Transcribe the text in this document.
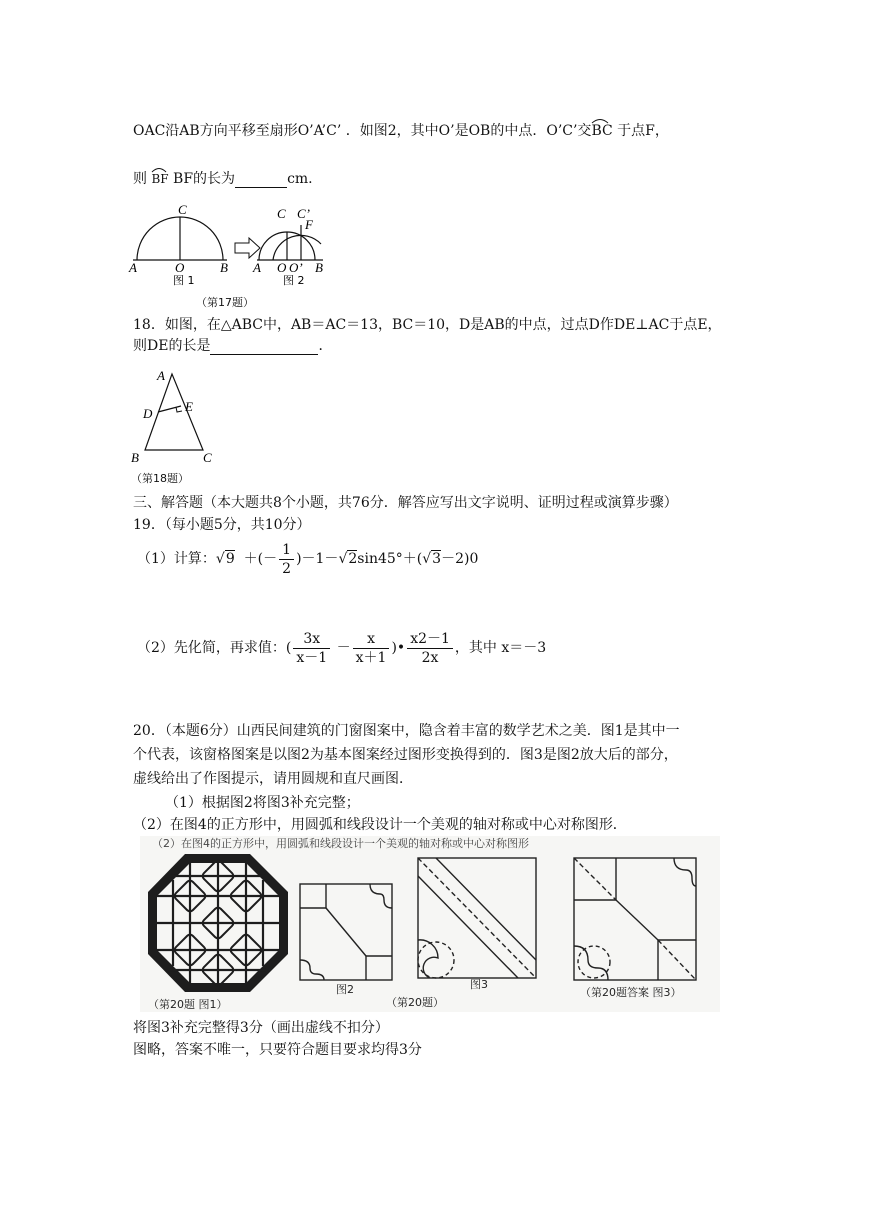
OAC沿AB方向平移至扇形O’A’C’ ．如图2，其中O’是OB的中点．O’C’交BC
于点F，
则 BF
BF的长为	cm.
A	O	B
C
图 1
A O O’ B
C C’
F
图 2
（第17题）
18．如图，在△ABC中，AB＝AC＝13，BC＝10，D是AB的中点，过点D作DE⊥AC于点E，
则DE的长是	．
A
D	E
B	C
（第18题）
三、解答题（本大题共8个小题，共76分．解答应写出文字说明、证明过程或演算步骤）
19．（每小题5分，共10分）
（1）计算：√9 ＋(－ $\frac{1}{2} )-1-√2\sin 45^\circ+(√3-2)0$
（2）先化简，再求值：( $\frac{3x}{x-1} - \frac{x}{x+1}$ )• $\frac{x2-1}{2x}$ ，其中 x＝－3
20．（本题6分）山西民间建筑的门窗图案中，隐含着丰富的数学艺术之美．图1是其中一
个代表，该窗格图案是以图2为基本图案经过图形变换得到的．图3是图2放大后的部分，
虚线给出了作图提示，请用圆规和直尺画图．
（1）根据图2将图3补充完整；
（2）在图4的正方形中，用圆弧和线段设计一个美观的轴对称或中心对称图形．
（2）在图4的正方形中，用圆弧和线段设计一个美观的轴对称或中心对称图形
（第20题 图1）
图2	图3
（第20题）
（第20题答案 图3）
将图3补充完整得3分（画出虚线不扣分）
图略，答案不唯一，只要符合题目要求均得3分
